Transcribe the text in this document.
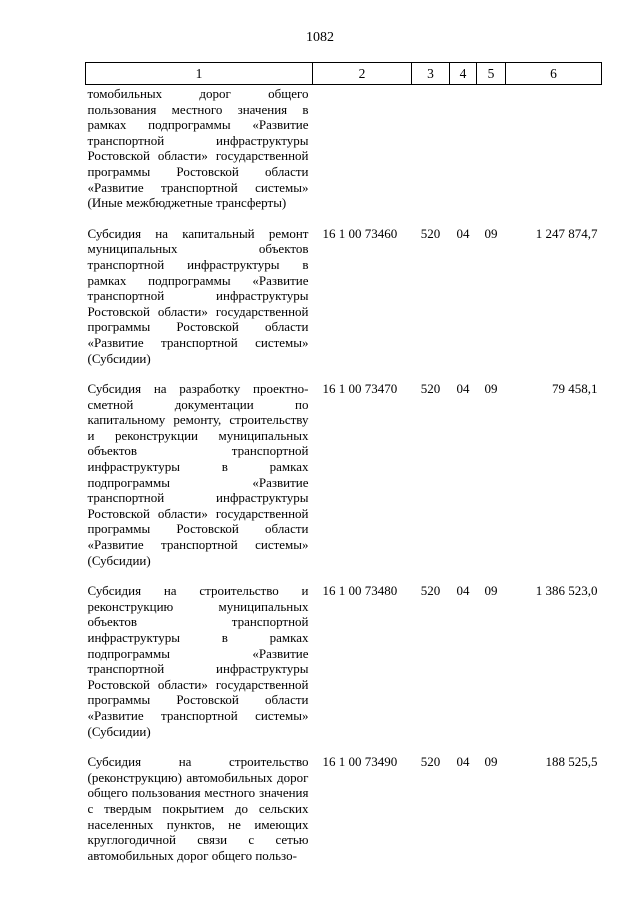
1082
1	2	3	4	5	6
томобильных дорог общего пользования местного значения в рамках подпрограммы «Развитие транспортной инфраструктуры Ростовской области» государственной программы Ростовской области «Развитие транспортной системы» (Иные межбюджетные трансферты)					
Субсидия на капитальный ремонт муниципальных объектов транспортной инфраструктуры в рамках подпрограммы «Развитие транспортной инфраструктуры Ростовской области» государственной программы Ростовской области «Развитие транспортной системы» (Субсидии)	16 1 00 73460	520	04	09	1 247 874,7
Субсидия на разработку проектно-сметной документации по капитальному ремонту, строительству и реконструкции муниципальных объектов транспортной инфраструктуры в рамках подпрограммы «Развитие транспортной инфраструктуры Ростовской области» государственной программы Ростовской области «Развитие транспортной системы» (Субсидии)	16 1 00 73470	520	04	09	79 458,1
Субсидия на строительство и реконструкцию муниципальных объектов транспортной инфраструктуры в рамках подпрограммы «Развитие транспортной инфраструктуры Ростовской области» государственной программы Ростовской области «Развитие транспортной системы» (Субсидии)	16 1 00 73480	520	04	09	1 386 523,0
Субсидия на строительство (реконструкцию) автомобильных дорог общего пользования местного значения с твердым покрытием до сельских населенных пунктов, не имеющих круглогодичной связи с сетью автомобильных дорог общего пользо-	16 1 00 73490	520	04	09	188 525,5
